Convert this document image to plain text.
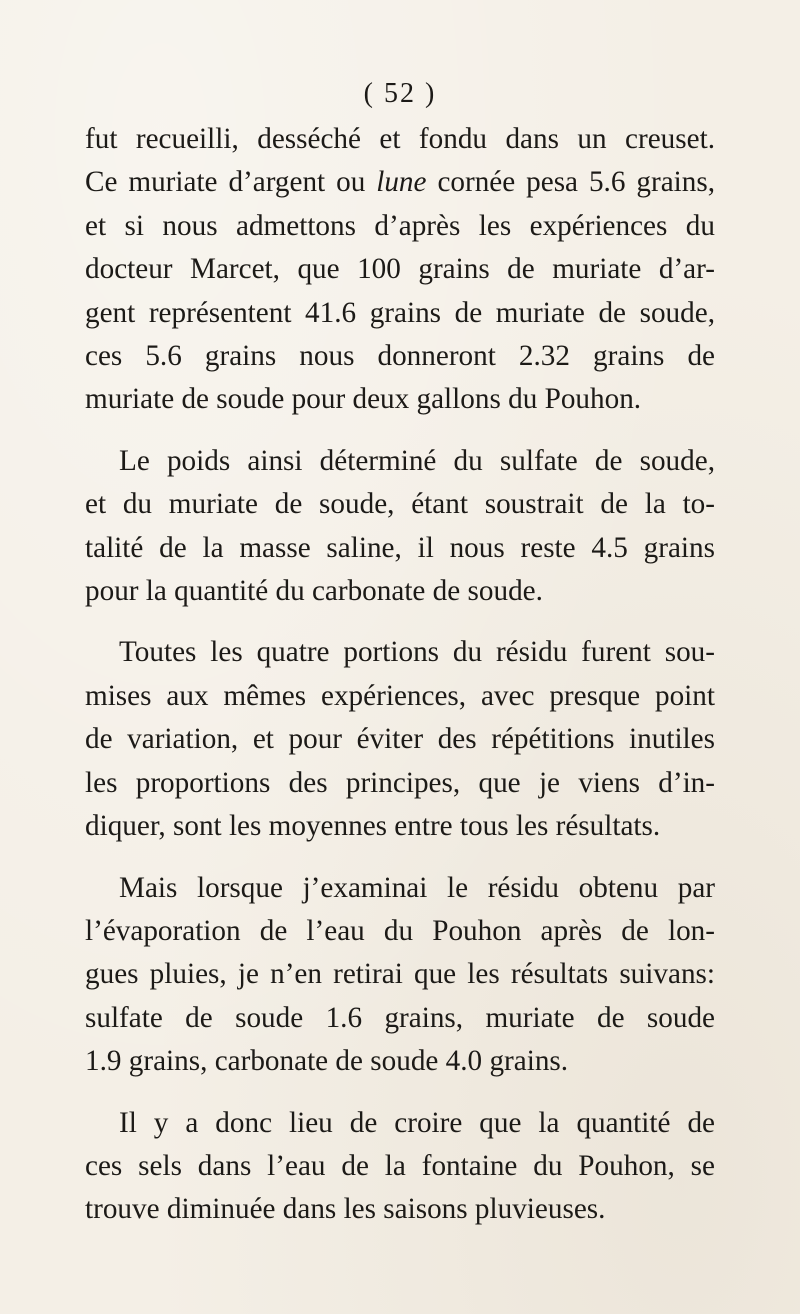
( 52 )

fut recueilli, desséché et fondu dans un creuset.
Ce muriate d’argent ou lune cornée pesa 5.6 grains,
et si nous admettons d’après les expériences du
docteur Marcet, que 100 grains de muriate d’ar-
gent représentent 41.6 grains de muriate de soude,
ces 5.6 grains nous donneront 2.32 grains de
muriate de soude pour deux gallons du Pouhon.

Le poids ainsi déterminé du sulfate de soude,
et du muriate de soude, étant soustrait de la to-
talité de la masse saline, il nous reste 4.5 grains
pour la quantité du carbonate de soude.

Toutes les quatre portions du résidu furent sou-
mises aux mêmes expériences, avec presque point
de variation, et pour éviter des répétitions inutiles
les proportions des principes, que je viens d’in-
diquer, sont les moyennes entre tous les résultats.

Mais lorsque j’examinai le résidu obtenu par
l’évaporation de l’eau du Pouhon après de lon-
gues pluies, je n’en retirai que les résultats suivans:
sulfate de soude 1.6 grains, muriate de soude
1.9 grains, carbonate de soude 4.0 grains.

Il y a donc lieu de croire que la quantité de
ces sels dans l’eau de la fontaine du Pouhon, se
trouve diminuée dans les saisons pluvieuses.
